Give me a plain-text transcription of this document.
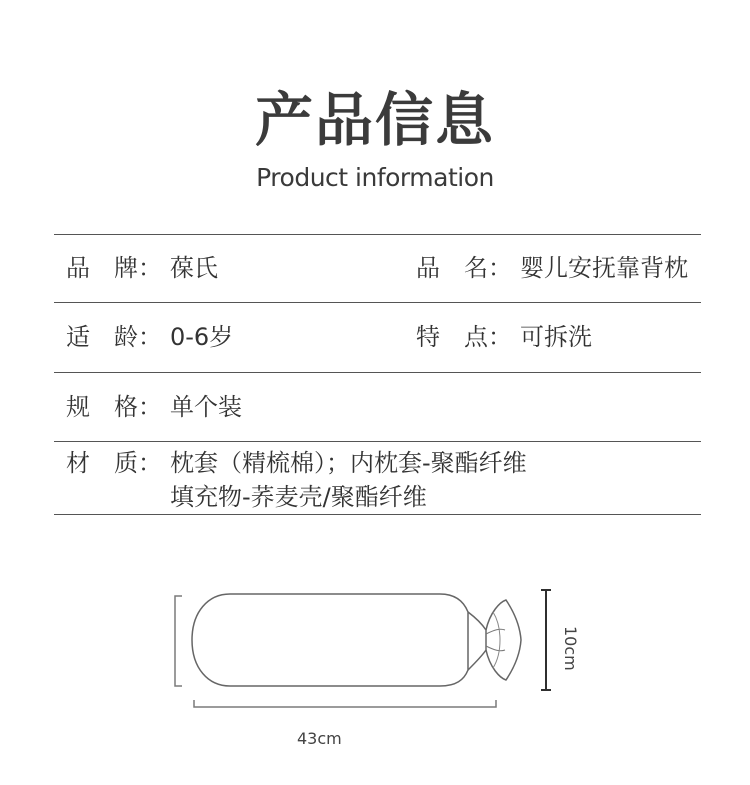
产品信息
Product information
品　牌： 葆氏	品　名： 婴儿安抚靠背枕
适　龄： 0-6岁	特　点： 可拆洗
规　格： 单个装
材　质： 枕套（精梳棉）；内枕套-聚酯纤维
填充物-荞麦壳/聚酯纤维
43cm
10cm
